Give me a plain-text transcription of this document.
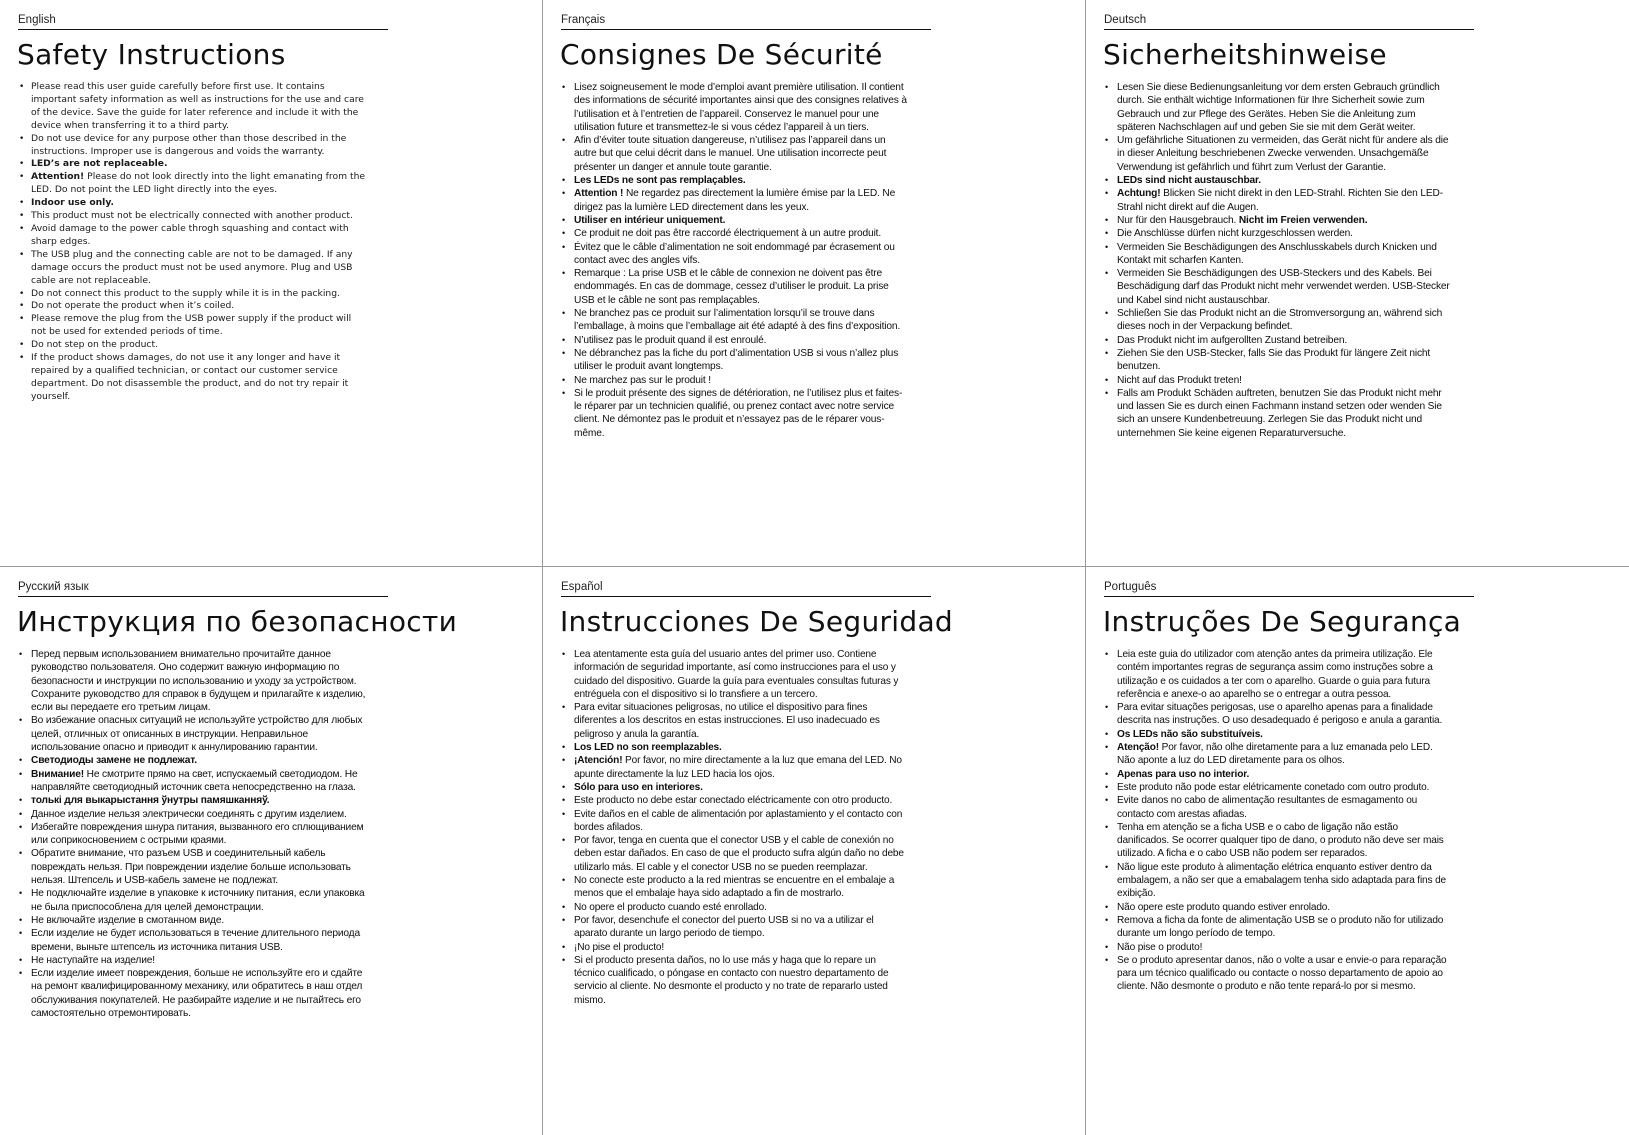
English
Safety Instructions
• Please read this user guide carefully before first use. It contains important safety information as well as instructions for the use and care of the device. Save the guide for later reference and include it with the device when transferring it to a third party.
• Do not use device for any purpose other than those described in the instructions. Improper use is dangerous and voids the warranty.
• LED’s are not replaceable.
• Attention! Please do not look directly into the light emanating from the LED. Do not point the LED light directly into the eyes.
• Indoor use only.
• This product must not be electrically connected with another product.
• Avoid damage to the power cable throgh squashing and contact with sharp edges.
• The USB plug and the connecting cable are not to be damaged. If any damage occurs the product must not be used anymore. Plug and USB cable are not replaceable.
• Do not connect this product to the supply while it is in the packing.
• Do not operate the product when it’s coiled.
• Please remove the plug from the USB power supply if the product will not be used for extended periods of time.
• Do not step on the product.
• If the product shows damages, do not use it any longer and have it repaired by a qualified technician, or contact our customer service department. Do not disassemble the product, and do not try repair it yourself.
Français
Consignes De Sécurité
• Lisez soigneusement le mode d’emploi avant première utilisation. Il contient des informations de sécurité importantes ainsi que des consignes relatives à l’utilisation et à l’entretien de l’appareil. Conservez le manuel pour une utilisation future et transmettez-le si vous cédez l’appareil à un tiers.
• Afin d’éviter toute situation dangereuse, n’utilisez pas l’appareil dans un autre but que celui décrit dans le manuel. Une utilisation incorrecte peut présenter un danger et annule toute garantie.
• Les LEDs ne sont pas remplaçables.
• Attention ! Ne regardez pas directement la lumière émise par la LED. Ne dirigez pas la lumière LED directement dans les yeux.
• Utiliser en intérieur uniquement.
• Ce produit ne doit pas être raccordé électriquement à un autre produit.
• Évitez que le câble d’alimentation ne soit endommagé par écrasement ou contact avec des angles vifs.
• Remarque : La prise USB et le câble de connexion ne doivent pas être endommagés. En cas de dommage, cessez d’utiliser le produit. La prise USB et le câble ne sont pas remplaçables.
• Ne branchez pas ce produit sur l’alimentation lorsqu’il se trouve dans l’emballage, à moins que l’emballage ait été adapté à des fins d’exposition.
• N’utilisez pas le produit quand il est enroulé.
• Ne débranchez pas la fiche du port d’alimentation USB si vous n’allez plus utiliser le produit avant longtemps.
• Ne marchez pas sur le produit !
• Si le produit présente des signes de détérioration, ne l’utilisez plus et faites-le réparer par un technicien qualifié, ou prenez contact avec notre service client. Ne démontez pas le produit et n’essayez pas de le réparer vous-même.
Deutsch
Sicherheitshinweise
• Lesen Sie diese Bedienungsanleitung vor dem ersten Gebrauch gründlich durch. Sie enthält wichtige Informationen für Ihre Sicherheit sowie zum Gebrauch und zur Pflege des Gerätes. Heben Sie die Anleitung zum späteren Nachschlagen auf und geben Sie sie mit dem Gerät weiter.
• Um gefährliche Situationen zu vermeiden, das Gerät nicht für andere als die in dieser Anleitung beschriebenen Zwecke verwenden. Unsachgemäße Verwendung ist gefährlich und führt zum Verlust der Garantie.
• LEDs sind nicht austauschbar.
• Achtung! Blicken Sie nicht direkt in den LED-Strahl. Richten Sie den LED-Strahl nicht direkt auf die Augen.
• Nur für den Hausgebrauch. Nicht im Freien verwenden.
• Die Anschlüsse dürfen nicht kurzgeschlossen werden.
• Vermeiden Sie Beschädigungen des Anschlusskabels durch Knicken und Kontakt mit scharfen Kanten.
• Vermeiden Sie Beschädigungen des USB-Steckers und des Kabels. Bei Beschädigung darf das Produkt nicht mehr verwendet werden. USB-Stecker und Kabel sind nicht austauschbar.
• Schließen Sie das Produkt nicht an die Stromversorgung an, während sich dieses noch in der Verpackung befindet.
• Das Produkt nicht im aufgerollten Zustand betreiben.
• Ziehen Sie den USB-Stecker, falls Sie das Produkt für längere Zeit nicht benutzen.
• Nicht auf das Produkt treten!
• Falls am Produkt Schäden auftreten, benutzen Sie das Produkt nicht mehr und lassen Sie es durch einen Fachmann instand setzen oder wenden Sie sich an unsere Kundenbetreuung. Zerlegen Sie das Produkt nicht und unternehmen Sie keine eigenen Reparaturversuche.
Русский язык
Инструкция по безопасности
• Перед первым использованием внимательно прочитайте данное руководство пользователя. Оно содержит важную информацию по безопасности и инструкции по использованию и уходу за устройством. Сохраните руководство для справок в будущем и прилагайте к изделию, если вы передаете его третьим лицам.
• Во избежание опасных ситуаций не используйте устройство для любых целей, отличных от описанных в инструкции. Неправильное использование опасно и приводит к аннулированию гарантии.
• Светодиоды замене не подлежат.
• Внимание! Не смотрите прямо на свет, испускаемый светодиодом. Не направляйте светодиодный источник света непосредственно на глаза.
• толькі для выкарыстання ўнутры памяшканняў.
• Данное изделие нельзя электрически соединять с другим изделием.
• Избегайте повреждения шнура питания, вызванного его сплющиванием или соприкосновением с острыми краями.
• Обратите внимание, что разъем USB и соединительный кабель повреждать нельзя. При повреждении изделие больше использовать нельзя. Штепсель и USB-кабель замене не подлежат.
• Не подключайте изделие в упаковке к источнику питания, если упаковка не была приспособлена для целей демонстрации.
• Не включайте изделие в смотанном виде.
• Если изделие не будет использоваться в течение длительного периода времени, выньте штепсель из источника питания USB.
• Не наступайте на изделие!
• Если изделие имеет повреждения, больше не используйте его и сдайте на ремонт квалифицированному механику, или обратитесь в наш отдел обслуживания покупателей. Не разбирайте изделие и не пытайтесь его самостоятельно отремонтировать.
Español
Instrucciones De Seguridad
• Lea atentamente esta guía del usuario antes del primer uso. Contiene información de seguridad importante, así como instrucciones para el uso y cuidado del dispositivo. Guarde la guía para eventuales consultas futuras y entréguela con el dispositivo si lo transfiere a un tercero.
• Para evitar situaciones peligrosas, no utilice el dispositivo para fines diferentes a los descritos en estas instrucciones. El uso inadecuado es peligroso y anula la garantía.
• Los LED no son reemplazables.
• ¡Atención! Por favor, no mire directamente a la luz que emana del LED. No apunte directamente la luz LED hacia los ojos.
• Sólo para uso en interiores.
• Este producto no debe estar conectado eléctricamente con otro producto.
• Evite daños en el cable de alimentación por aplastamiento y el contacto con bordes afilados.
• Por favor, tenga en cuenta que el conector USB y el cable de conexión no deben estar dañados. En caso de que el producto sufra algún daño no debe utilizarlo más. El cable y el conector USB no se pueden reemplazar.
• No conecte este producto a la red mientras se encuentre en el embalaje a menos que el embalaje haya sido adaptado a fin de mostrarlo.
• No opere el producto cuando esté enrollado.
• Por favor, desenchufe el conector del puerto USB si no va a utilizar el aparato durante un largo periodo de tiempo.
• ¡No pise el producto!
• Si el producto presenta daños, no lo use más y haga que lo repare un técnico cualificado, o póngase en contacto con nuestro departamento de servicio al cliente. No desmonte el producto y no trate de repararlo usted mismo.
Português
Instruções De Segurança
• Leia este guia do utilizador com atenção antes da primeira utilização. Ele contém importantes regras de segurança assim como instruções sobre a utilização e os cuidados a ter com o aparelho. Guarde o guia para futura referência e anexe-o ao aparelho se o entregar a outra pessoa.
• Para evitar situações perigosas, use o aparelho apenas para a finalidade descrita nas instruções. O uso desadequado é perigoso e anula a garantia.
• Os LEDs não são substituíveis.
• Atenção! Por favor, não olhe diretamente para a luz emanada pelo LED. Não aponte a luz do LED diretamente para os olhos.
• Apenas para uso no interior.
• Este produto não pode estar elétricamente conetado com outro produto.
• Evite danos no cabo de alimentação resultantes de esmagamento ou contacto com arestas afiadas.
• Tenha em atenção se a ficha USB e o cabo de ligação não estão danificados. Se ocorrer qualquer tipo de dano, o produto não deve ser mais utilizado. A ficha e o cabo USB não podem ser reparados.
• Não ligue este produto à alimentação elétrica enquanto estiver dentro da embalagem, a não ser que a emabalagem tenha sido adaptada para fins de exibição.
• Não opere este produto quando estiver enrolado.
• Remova a ficha da fonte de alimentação USB se o produto não for utilizado durante um longo período de tempo.
• Não pise o produto!
• Se o produto apresentar danos, não o volte a usar e envie-o para reparação para um técnico qualificado ou contacte o nosso departamento de apoio ao cliente. Não desmonte o produto e não tente repará-lo por si mesmo.
